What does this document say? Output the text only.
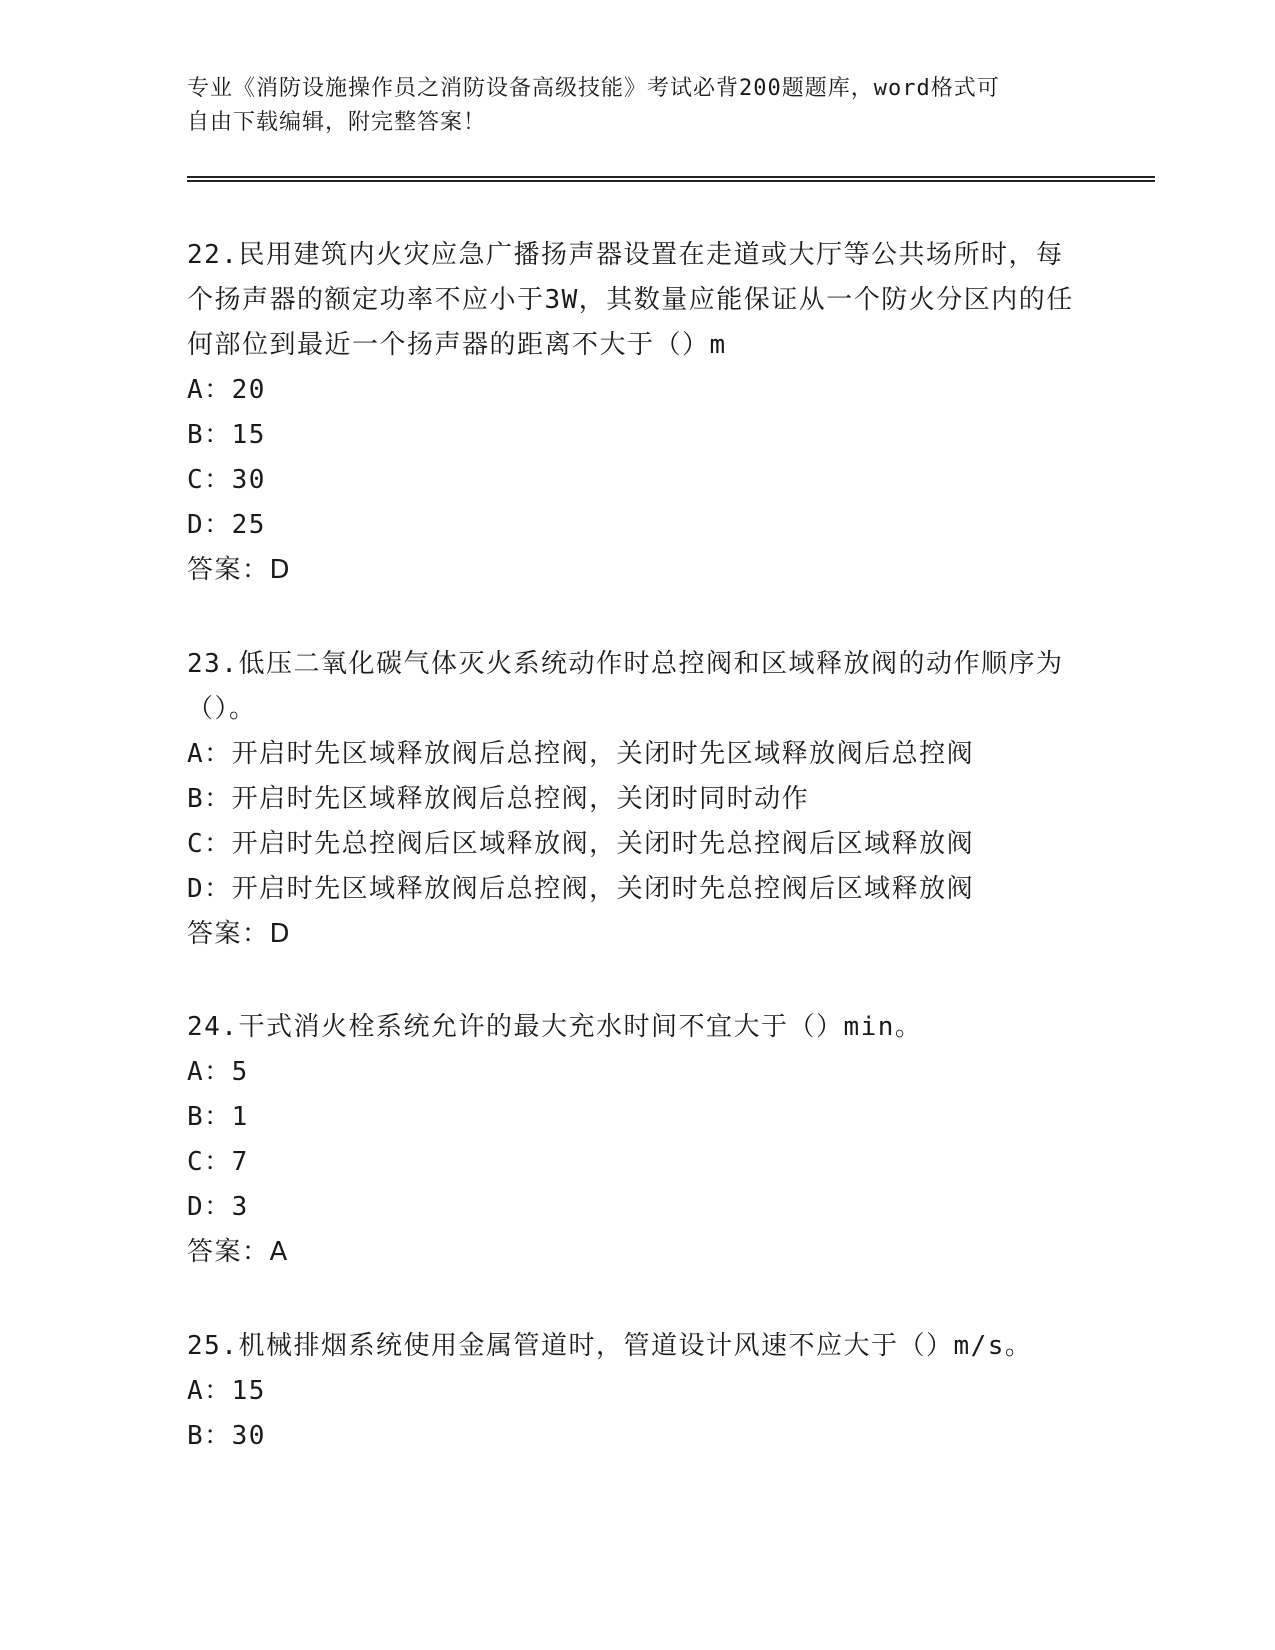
专业《消防设施操作员之消防设备高级技能》考试必背200题题库，word格式可
自由下载编辑，附完整答案！
22.民用建筑内火灾应急广播扬声器设置在走道或大厅等公共场所时，每个扬声器的额定功率不应小于3W，其数量应能保证从一个防火分区内的任何部位到最近一个扬声器的距离不大于（）m
A：20
B：15
C：30
D：25
答案：D
23.低压二氧化碳气体灭火系统动作时总控阀和区域释放阀的动作顺序为（）。
A：开启时先区域释放阀后总控阀，关闭时先区域释放阀后总控阀
B：开启时先区域释放阀后总控阀，关闭时同时动作
C：开启时先总控阀后区域释放阀，关闭时先总控阀后区域释放阀
D：开启时先区域释放阀后总控阀，关闭时先总控阀后区域释放阀
答案：D
24.干式消火栓系统允许的最大充水时间不宜大于（）min。
A：5
B：1
C：7
D：3
答案：A
25.机械排烟系统使用金属管道时，管道设计风速不应大于（）m/s。
A：15
B：30
